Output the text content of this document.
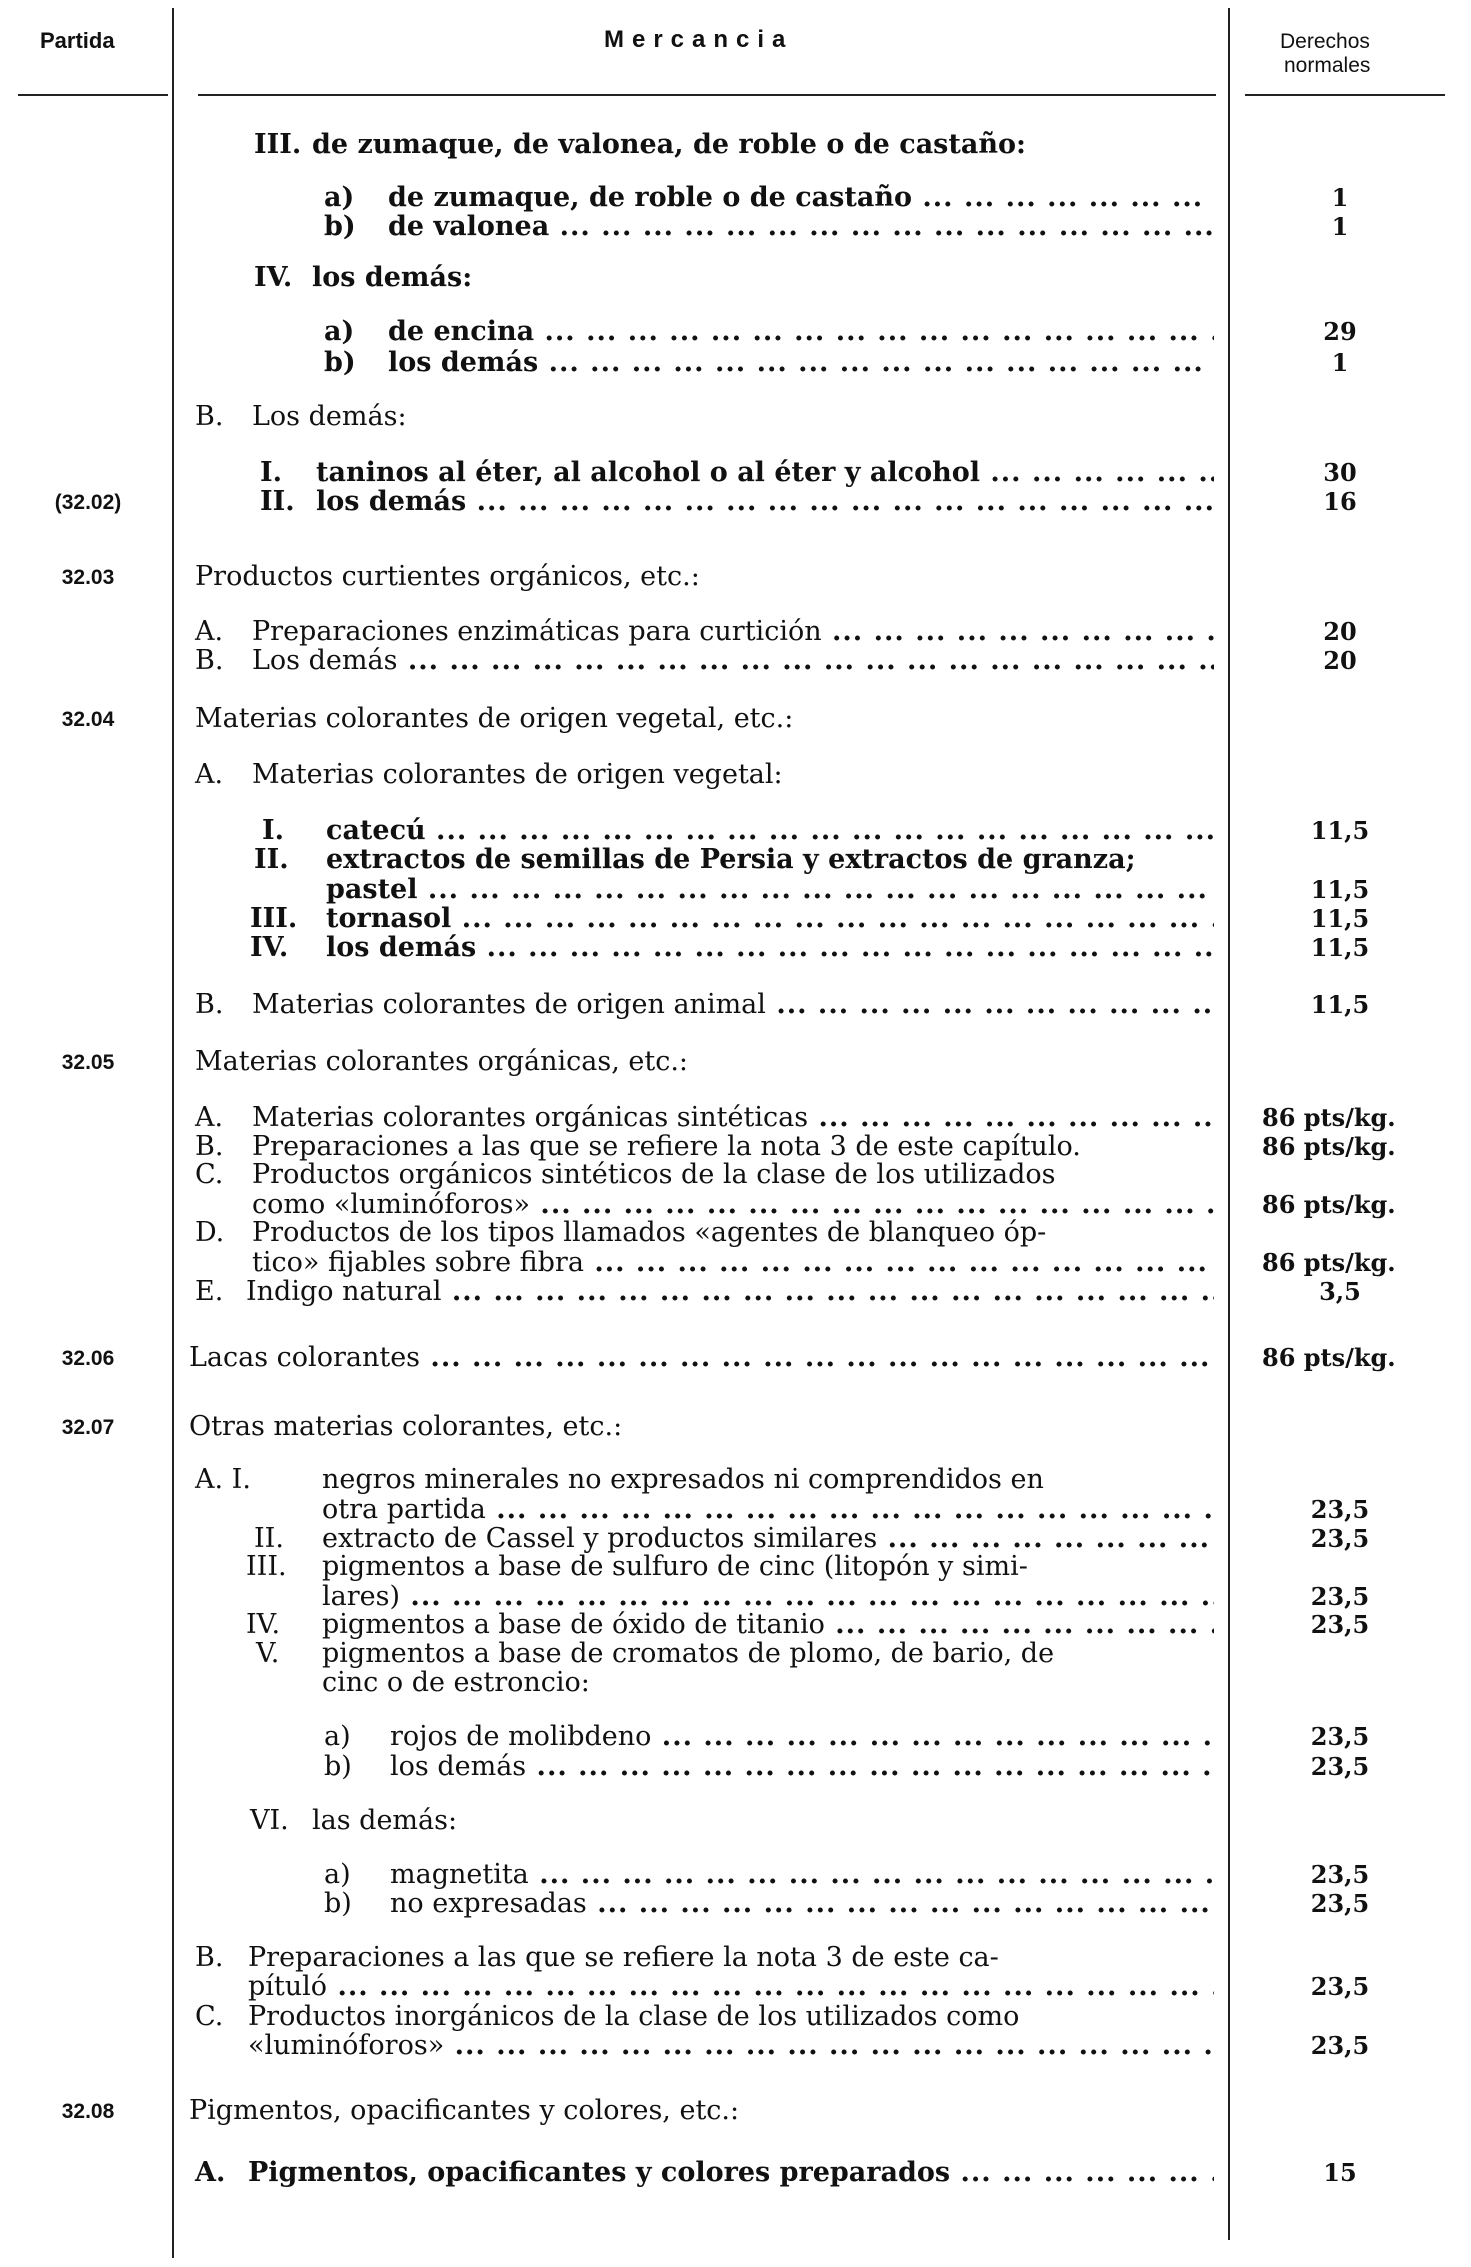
Partida	Mercancia	Derechos
normales
III. de zumaque, de valonea, de roble o de castaño:
a) de zumaque, de roble o de castaño ... .	1
b) de valonea ... .	1
IV. los demás:
a) de encina ... .	29
b) los demás ... .	1
B. Los demás:
I. taninos al éter, al alcohol o al éter y alcohol ... .	30
(32.02)	II. los demás ... .	16
32.03	Productos curtientes orgánicos, etc.:
A. Preparaciones enzimáticas para curtición ... .	20
B. Los demás ... .	20
32.04	Materias colorantes de origen vegetal, etc.:
A. Materias colorantes de origen vegetal:
I. catecú ... .	11,5
II. extractos de semillas de Persia y extractos de granza;
pastel ... .	11,5
III. tornasol ... .	11,5
IV. los demás ... .	11,5
B. Materias colorantes de origen animal ... .	11,5
32.05	Materias colorantes orgánicas, etc.:
A. Materias colorantes orgánicas sintéticas ... .	86 pts/kg.
B. Preparaciones a las que se refiere la nota 3 de este capítulo.	86 pts/kg.
C. Productos orgánicos sintéticos de la clase de los utilizados
como «luminóforos» ... .	86 pts/kg.
D. Productos de los tipos llamados «agentes de blanqueo óp-
tico» fijables sobre fibra ... .	86 pts/kg.
E. Indigo natural ... .	3,5
32.06	Lacas colorantes ... .	86 pts/kg.
32.07	Otras materias colorantes, etc.:
A. I.	negros minerales no expresados ni comprendidos en
otra partida ... .	23,5
II. extracto de Cassel y productos similares ... .	23,5
III. pigmentos a base de sulfuro de cinc (litopón y simi-
lares) ... .	23,5
IV. pigmentos a base de óxido de titanio ... .	23,5
V. pigmentos a base de cromatos de plomo, de bario, de
cinc o de estroncio:
a) rojos de molibdeno ... .	23,5
b) los demás ... .	23,5
VI. las demás:
a) magnetita ... .	23,5
b) no expresadas ... .	23,5
B. Preparaciones a las que se refiere la nota 3 de este ca-
pítuló ... .	23,5
C. Productos inorgánicos de la clase de los utilizados como
«luminóforos» ... .	23,5
32.08	Pigmentos, opacificantes y colores, etc.:
A. Pigmentos, opacificantes y colores preparados ... .	15
